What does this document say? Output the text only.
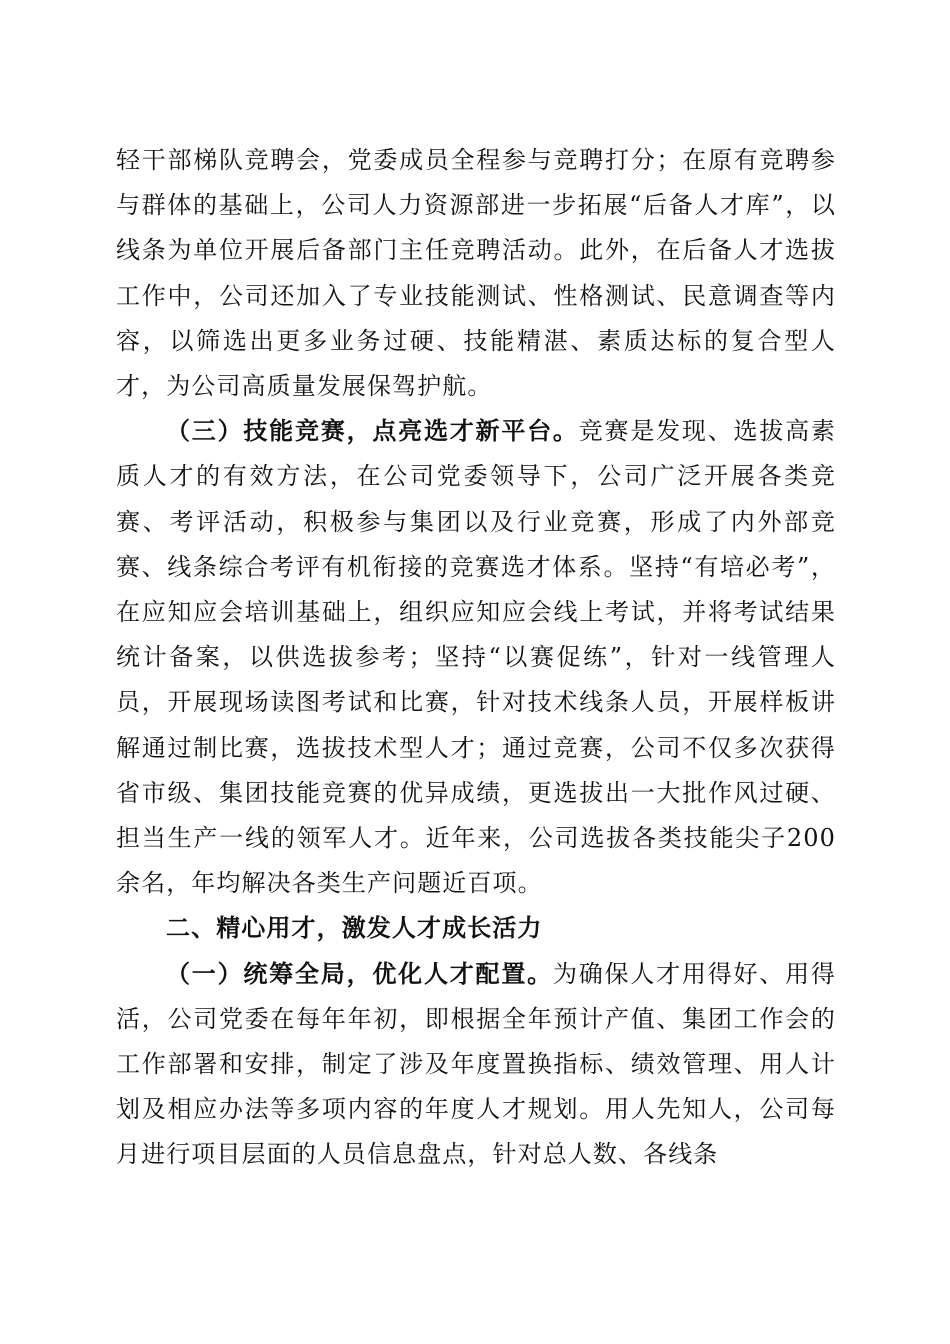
轻干部梯队竞聘会，党委成员全程参与竞聘打分；在原有竞聘参与群体的基础上，公司人力资源部进一步拓展“后备人才库”，以线条为单位开展后备部门主任竞聘活动。此外，在后备人才选拔工作中，公司还加入了专业技能测试、性格测试、民意调查等内容，以筛选出更多业务过硬、技能精湛、素质达标的复合型人才，为公司高质量发展保驾护航。

（三）技能竞赛，点亮选才新平台。竞赛是发现、选拔高素质人才的有效方法，在公司党委领导下，公司广泛开展各类竞赛、考评活动，积极参与集团以及行业竞赛，形成了内外部竞赛、线条综合考评有机衔接的竞赛选才体系。坚持“有培必考”，在应知应会培训基础上，组织应知应会线上考试，并将考试结果统计备案，以供选拔参考；坚持“以赛促练”，针对一线管理人员，开展现场读图考试和比赛，针对技术线条人员，开展样板讲解通过制比赛，选拔技术型人才；通过竞赛，公司不仅多次获得省市级、集团技能竞赛的优异成绩，更选拔出一大批作风过硬、担当生产一线的领军人才。近年来，公司选拔各类技能尖子200余名，年均解决各类生产问题近百项。

二、精心用才，激发人才成长活力

（一）统筹全局，优化人才配置。为确保人才用得好、用得活，公司党委在每年年初，即根据全年预计产值、集团工作会的工作部署和安排，制定了涉及年度置换指标、绩效管理、用人计划及相应办法等多项内容的年度人才规划。用人先知人，公司每月进行项目层面的人员信息盘点，针对总人数、各线条
